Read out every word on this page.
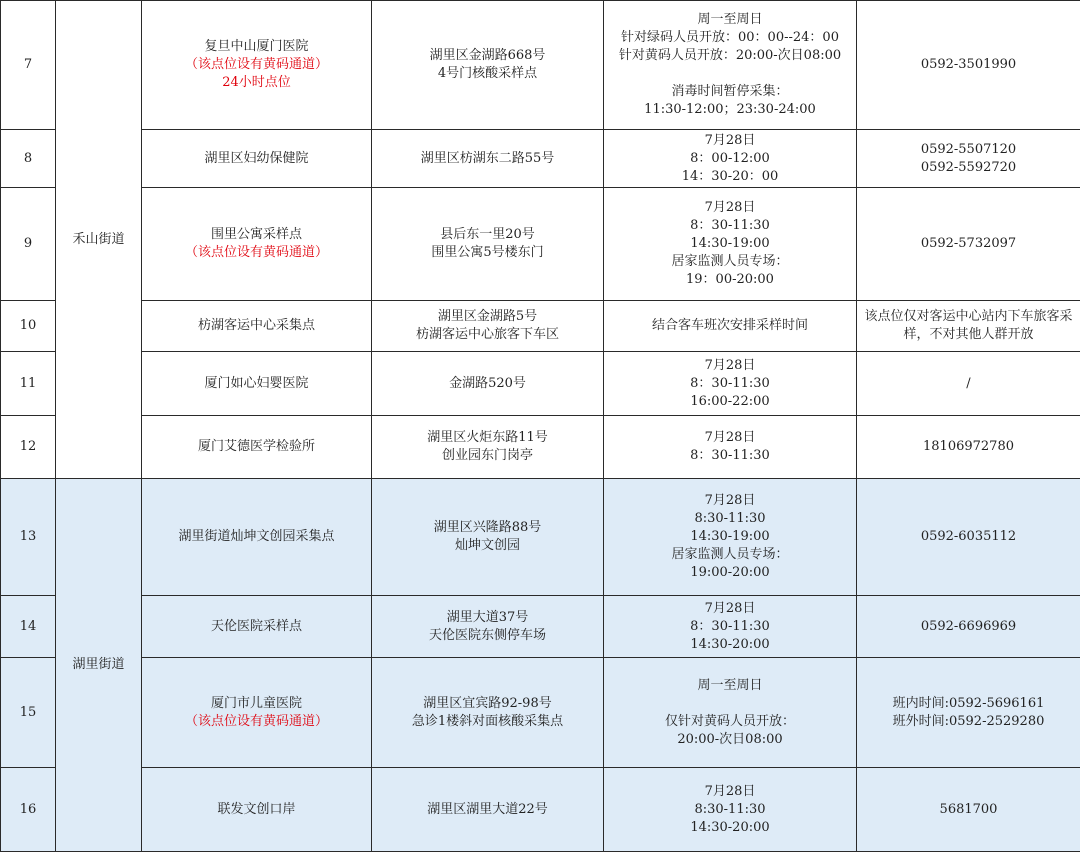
7	禾山街道	复旦中山厦门医院
（该点位设有黄码通道）
24小时点位	湖里区金湖路668号
4号门核酸采样点	周一至周日
针对绿码人员开放：00：00--24：00
针对黄码人员开放：20:00-次日08:00
消毒时间暂停采集：
11:30-12:00；23:30-24:00	0592-3501990

8		湖里区妇幼保健院	湖里区枋湖东二路55号	7月28日
8：00-12:00
14：30-20：00	0592-5507120
0592-5592720

9		围里公寓采样点
（该点位设有黄码通道）	县后东一里20号
围里公寓5号楼东门	7月28日
8：30-11:30
14:30-19:00
居家监测人员专场：
19：00-20:00	0592-5732097

10		枋湖客运中心采集点	湖里区金湖路5号
枋湖客运中心旅客下车区	结合客车班次安排采样时间	该点位仅对客运中心站内下车旅客采样，不对其他人群开放

11		厦门如心妇婴医院	金湖路520号	7月28日
8：30-11:30
16:00-22:00	/

12		厦门艾德医学检验所	湖里区火炬东路11号
创业园东门岗亭	7月28日
8：30-11:30	18106972780

13	湖里街道	湖里街道灿坤文创园采集点	湖里区兴隆路88号
灿坤文创园	7月28日
8:30-11:30
14:30-19:00
居家监测人员专场：
19:00-20:00	0592-6035112

14		天伦医院采样点	湖里大道37号
天伦医院东侧停车场	7月28日
8：30-11:30
14:30-20:00	0592-6696969

15		厦门市儿童医院
（该点位设有黄码通道）	湖里区宜宾路92-98号
急诊1楼斜对面核酸采集点	周一至周日
仅针对黄码人员开放：
20:00-次日08:00	班内时间:0592-5696161
班外时间:0592-2529280

16		联发文创口岸	湖里区湖里大道22号	7月28日
8:30-11:30
14:30-20:00	5681700
